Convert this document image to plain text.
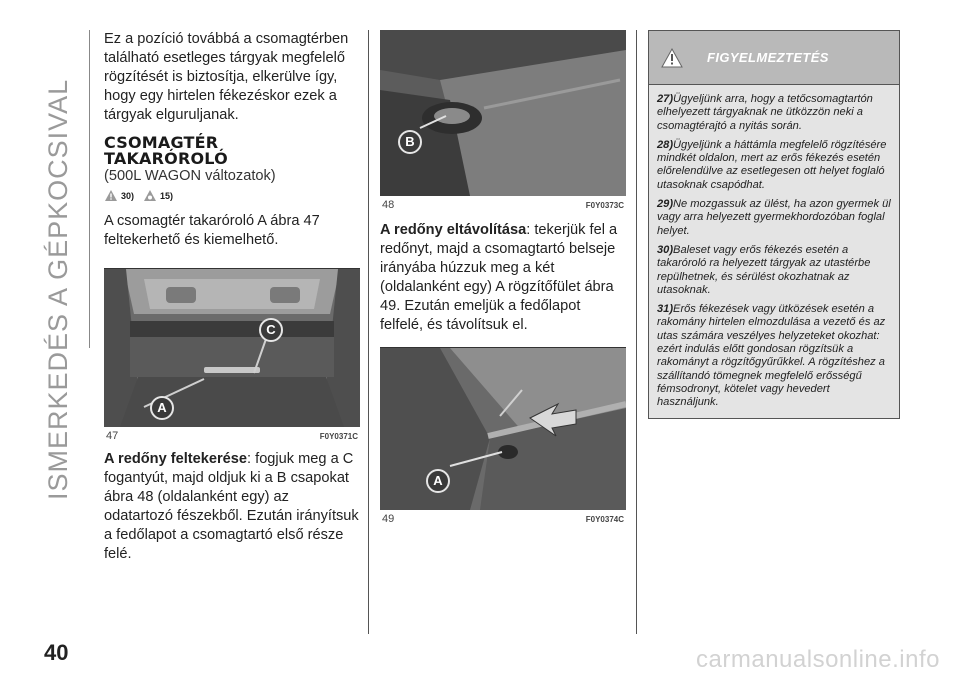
ISMERKEDÉS A GÉPKOCSIVAL
40	carmanualsonline.info

Ez a pozíció továbbá a csomagtérben található esetleges tárgyak megfelelő rögzítését is biztosítja, elkerülve így, hogy egy hirtelen fékezéskor ezek a tárgyak elguruljanak.

CSOMAGTÉR
TAKARÓROLÓ
(500L WAGON változatok)
30)	15)

A csomagtér takaróroló A ábra 47 feltekerhető és kiemelhető.

C
A
47	F0Y0371C

A redőny feltekerése: fogjuk meg a C fogantyút, majd oldjuk ki a B csapokat ábra 48 (oldalanként egy) az odatartozó fészekből. Ezután irányítsuk a fedőlapot a csomagtartó első része felé.

B
48	F0Y0373C

A redőny eltávolítása: tekerjük fel a redőnyt, majd a csomagtartó belseje irányába húzzuk meg a két (oldalanként egy) A rögzítőfület ábra 49. Ezután emeljük a fedőlapot felfelé, és távolítsuk el.

A
49	F0Y0374C
FIGYELMEZTETÉS

27)Ügyeljünk arra, hogy a tetőcsomagtartón elhelyezett tárgyaknak ne ütközzön neki a csomagtérajtó a nyitás során.

28)Ügyeljünk a háttámla megfelelő rögzítésére mindkét oldalon, mert az erős fékezés esetén előrelendülve az esetlegesen ott helyet foglaló utasoknak csapódhat.

29)Ne mozgassuk az ülést, ha azon gyermek ül vagy arra helyezett gyermekhordozóban foglal helyet.

30)Baleset vagy erős fékezés esetén a takaróroló ra helyezett tárgyak az utastérbe repülhetnek, és sérülést okozhatnak az utasoknak.

31)Erős fékezések vagy ütközések esetén a rakomány hirtelen elmozdulása a vezető és az utas számára veszélyes helyzeteket okozhat: ezért indulás előtt gondosan rögzítsük a rakományt a rögzítőgyűrűkkel. A rögzítéshez a szállítandó tömegnek megfelelő erősségű fémsodronyt, kötelet vagy hevedert használjunk.
